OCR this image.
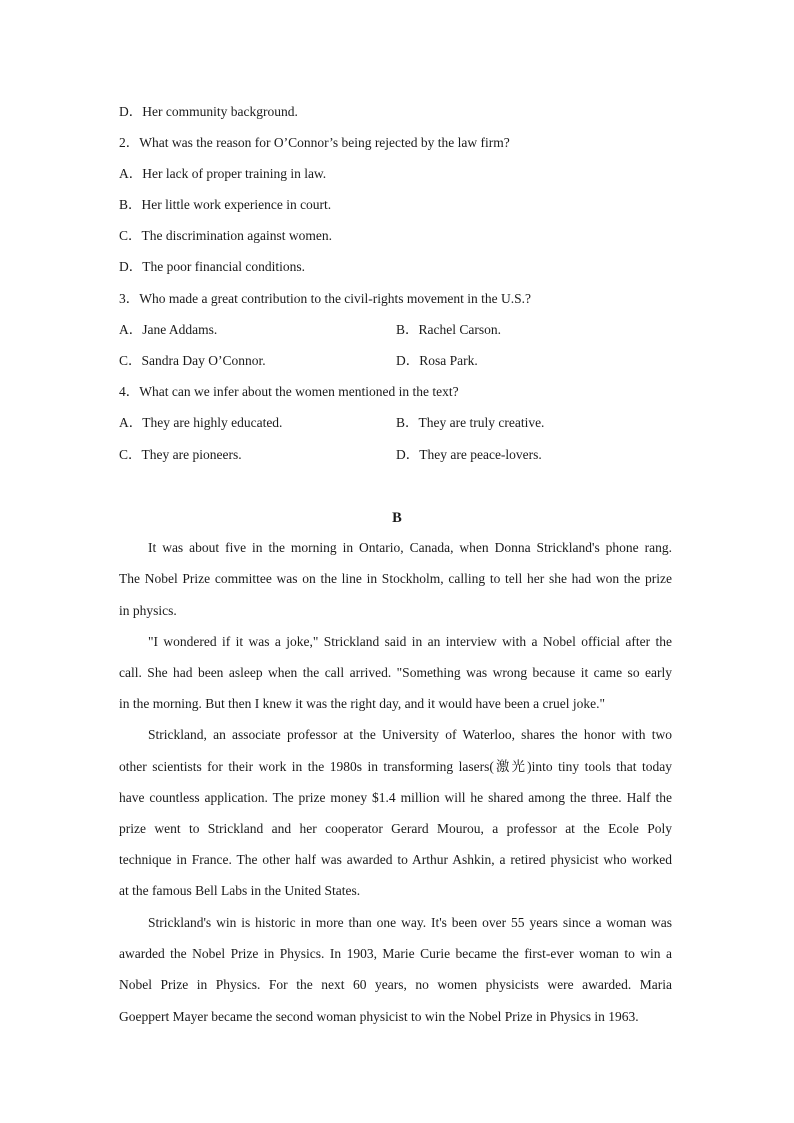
D．Her community background.
2．What was the reason for O’Connor’s being rejected by the law firm?
A．Her lack of proper training in law.
B．Her little work experience in court.
C．The discrimination against women.
D．The poor financial conditions.
3．Who made a great contribution to the civil-rights movement in the U.S.?
A．Jane Addams.	B．Rachel Carson.
C．Sandra Day O’Connor.	D．Rosa Park.
4．What can we infer about the women mentioned in the text?
A．They are highly educated.	B．They are truly creative.
C．They are pioneers.	D．They are peace-lovers.
B
It was about five in the morning in Ontario, Canada, when Donna Strickland's phone rang.
The Nobel Prize committee was on the line in Stockholm, calling to tell her she had won the prize
in physics.
"I wondered if it was a joke," Strickland said in an interview with a Nobel official after the
call. She had been asleep when the call arrived. "Something was wrong because it came so early
in the morning. But then I knew it was the right day, and it would have been a cruel joke."
Strickland, an associate professor at the University of Waterloo, shares the honor with two
other scientists for their work in the 1980s in transforming lasers(激光)into tiny tools that today
have countless application. The prize money $1.4 million will he shared among the three. Half the
prize went to Strickland and her cooperator Gerard Mourou, a professor at the Ecole Poly
technique in France. The other half was awarded to Arthur Ashkin, a retired physicist who worked
at the famous Bell Labs in the United States.
Strickland's win is historic in more than one way. It's been over 55 years since a woman was
awarded the Nobel Prize in Physics. In 1903, Marie Curie became the first-ever woman to win a
Nobel Prize in Physics. For the next 60 years, no women physicists were awarded. Maria
Goeppert Mayer became the second woman physicist to win the Nobel Prize in Physics in 1963.
